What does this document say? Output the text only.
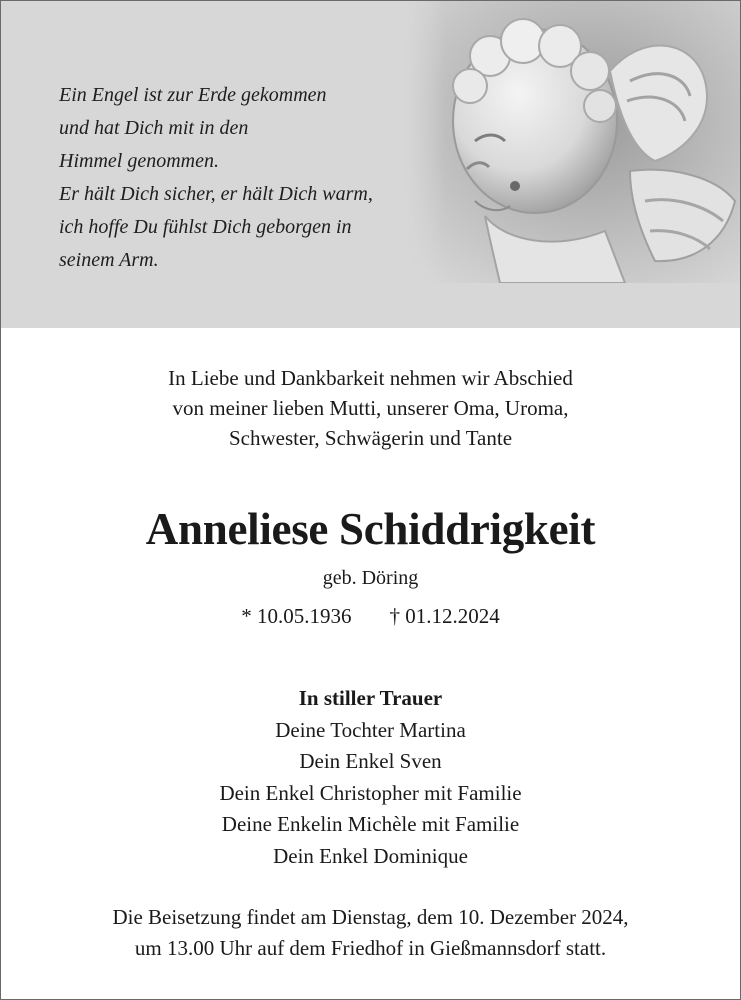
Ein Engel ist zur Erde gekommen
und hat Dich mit in den
Himmel genommen.
Er hält Dich sicher, er hält Dich warm,
ich hoffe Du fühlst Dich geborgen in
seinem Arm.
In Liebe und Dankbarkeit nehmen wir Abschied
von meiner lieben Mutti, unserer Oma, Uroma,
Schwester, Schwägerin und Tante
Anneliese Schiddrigkeit
geb. Döring
* 10.05.1936 † 01.12.2024
In stiller Trauer
Deine Tochter Martina
Dein Enkel Sven
Dein Enkel Christopher mit Familie
Deine Enkelin Michèle mit Familie
Dein Enkel Dominique
Die Beisetzung findet am Dienstag, dem 10. Dezember 2024,
um 13.00 Uhr auf dem Friedhof in Gießmannsdorf statt.
